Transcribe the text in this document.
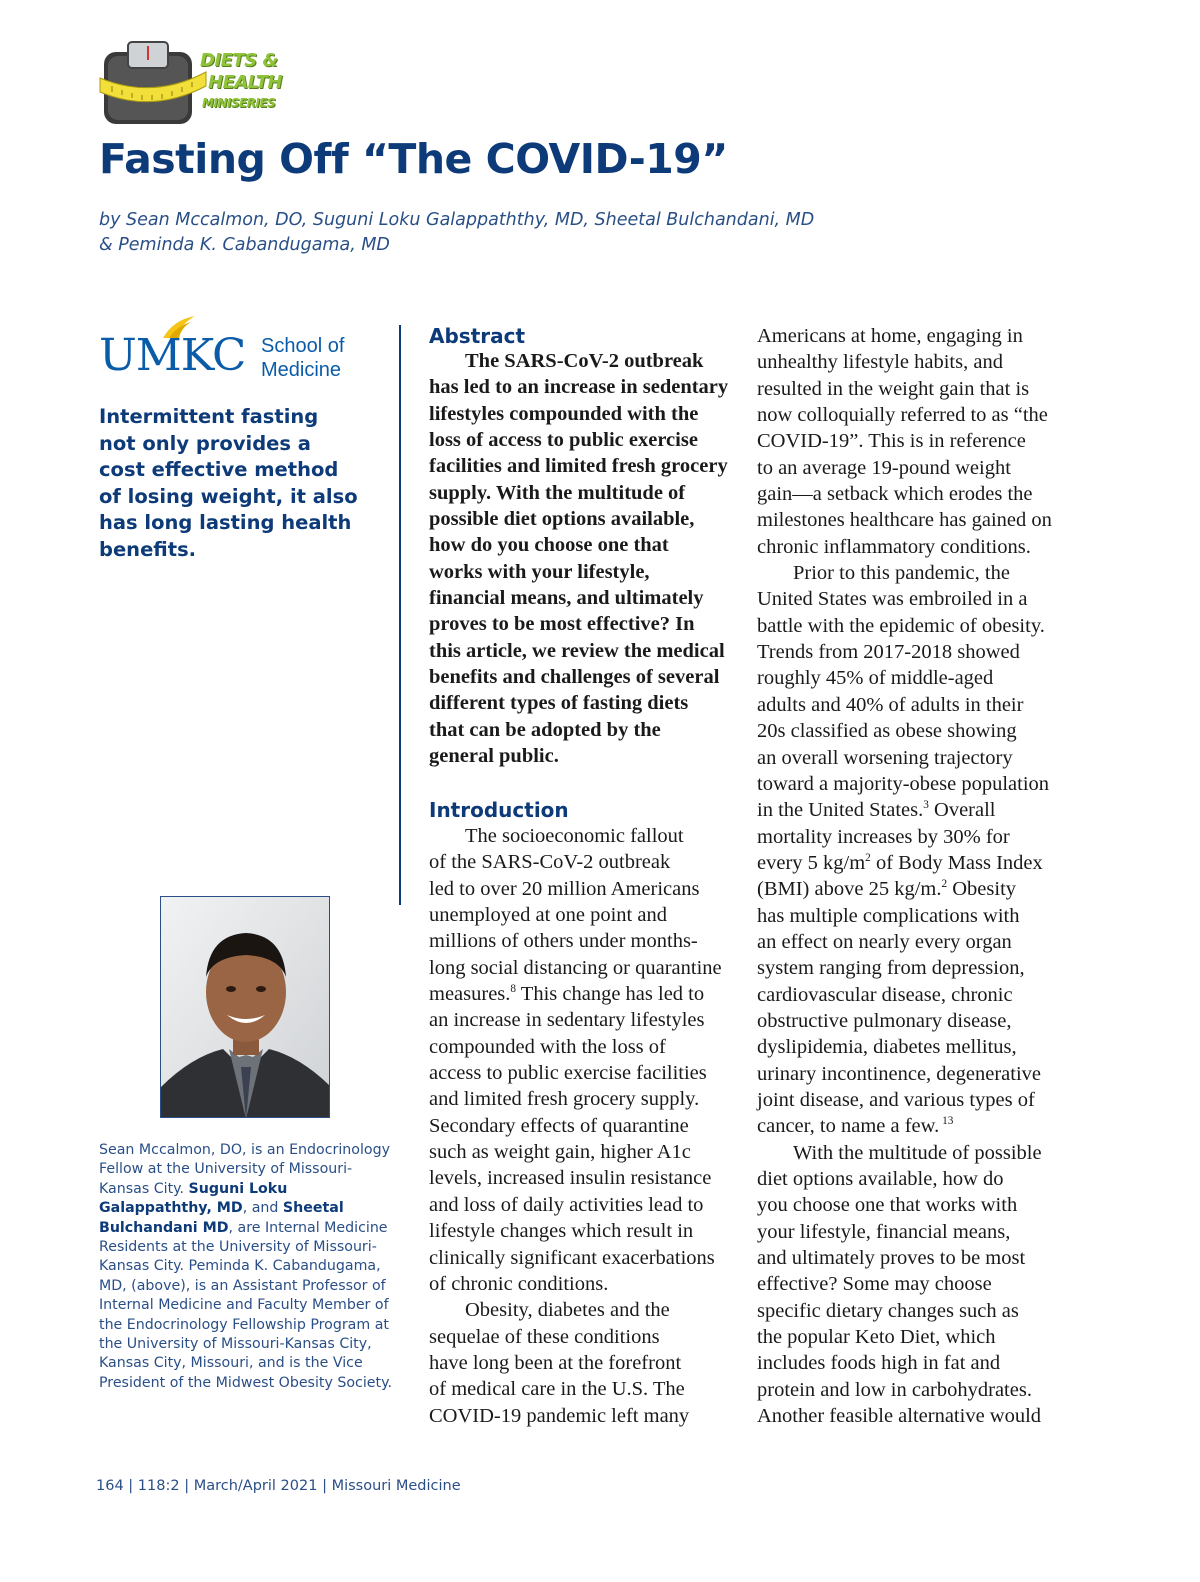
DIETS &
HEALTH
MINISERIES
Fasting Off “The COVID-19”
by Sean Mccalmon, DO, Suguni Loku Galappaththy, MD, Sheetal Bulchandani, MD
& Peminda K. Cabandugama, MD
UMKC School of
Medicine
Intermittent fasting not only provides a cost effective method of losing weight, it also has long lasting health benefits.
Sean Mccalmon, DO, is an Endocrinology Fellow at the University of Missouri-Kansas City. Suguni Loku Galappaththy, MD, and Sheetal Bulchandani MD, are Internal Medicine Residents at the University of Missouri-Kansas City. Peminda K. Cabandugama, MD, (above), is an Assistant Professor of Internal Medicine and Faculty Member of the Endocrinology Fellowship Program at the University of Missouri-Kansas City, Kansas City, Missouri, and is the Vice President of the Midwest Obesity Society.
Abstract
The SARS-CoV-2 outbreak
has led to an increase in sedentary
lifestyles compounded with the
loss of access to public exercise
facilities and limited fresh grocery
supply. With the multitude of
possible diet options available,
how do you choose one that
works with your lifestyle,
financial means, and ultimately
proves to be most effective? In
this article, we review the medical
benefits and challenges of several
different types of fasting diets
that can be adopted by the
general public.
Introduction
The socioeconomic fallout
of the SARS-CoV-2 outbreak
led to over 20 million Americans
unemployed at one point and
millions of others under months-
long social distancing or quarantine
measures.$^8$ This change has led to
an increase in sedentary lifestyles
compounded with the loss of
access to public exercise facilities
and limited fresh grocery supply.
Secondary effects of quarantine
such as weight gain, higher A1c
levels, increased insulin resistance
and loss of daily activities lead to
lifestyle changes which result in
clinically significant exacerbations
of chronic conditions.
Obesity, diabetes and the
sequelae of these conditions
have long been at the forefront
of medical care in the U.S. The
COVID-19 pandemic left many
Americans at home, engaging in
unhealthy lifestyle habits, and
resulted in the weight gain that is
now colloquially referred to as “the
COVID-19”. This is in reference
to an average 19-pound weight
gain—a setback which erodes the
milestones healthcare has gained on
chronic inflammatory conditions.
Prior to this pandemic, the
United States was embroiled in a
battle with the epidemic of obesity.
Trends from 2017-2018 showed
roughly 45% of middle-aged
adults and 40% of adults in their
20s classified as obese showing
an overall worsening trajectory
toward a majority-obese population
in the United States.$^3$ Overall
mortality increases by 30% for
every 5 $kg/m^2$ of Body Mass Index
(BMI) above 25 kg/m.$^2$ Obesity
has multiple complications with
an effect on nearly every organ
system ranging from depression,
cardiovascular disease, chronic
obstructive pulmonary disease,
dyslipidemia, diabetes mellitus,
urinary incontinence, degenerative
joint disease, and various types of
cancer, to name a few. $^{13}$
With the multitude of possible
diet options available, how do
you choose one that works with
your lifestyle, financial means,
and ultimately proves to be most
effective? Some may choose
specific dietary changes such as
the popular Keto Diet, which
includes foods high in fat and
protein and low in carbohydrates.
Another feasible alternative would
164 | 118:2 | March/April 2021 | Missouri Medicine
